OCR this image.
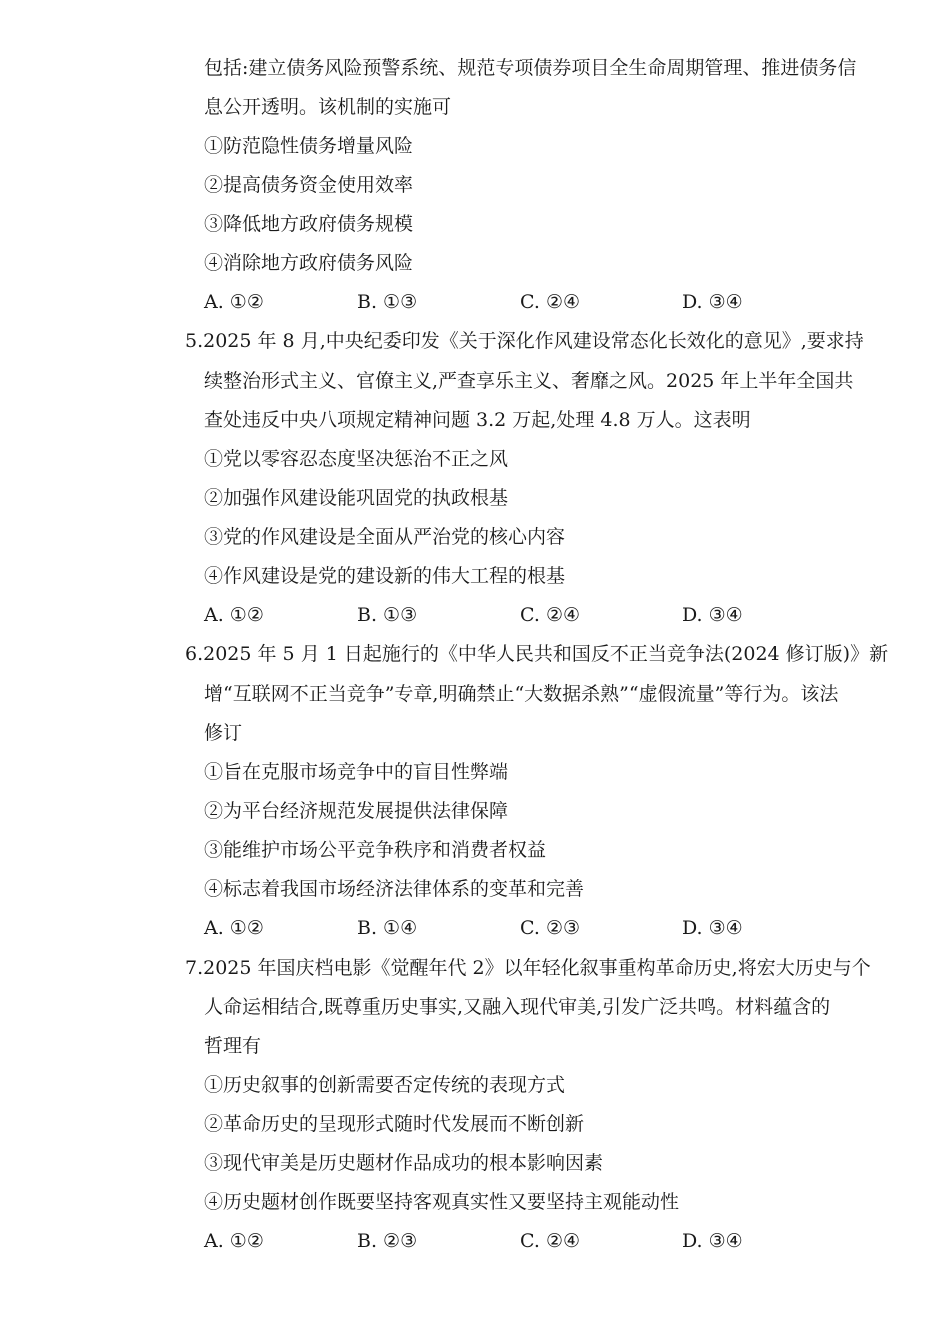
包括:建立债务风险预警系统、规范专项债券项目全生命周期管理、推进债务信
息公开透明。该机制的实施可
①防范隐性债务增量风险
②提高债务资金使用效率
③降低地方政府债务规模
④消除地方政府债务风险
A. ①②	B. ①③	C. ②④	D. ③④
5.2025 年 8 月,中央纪委印发《关于深化作风建设常态化长效化的意见》,要求持
续整治形式主义、官僚主义,严查享乐主义、奢靡之风。2025 年上半年全国共
查处违反中央八项规定精神问题 3.2 万起,处理 4.8 万人。这表明
①党以零容忍态度坚决惩治不正之风
②加强作风建设能巩固党的执政根基
③党的作风建设是全面从严治党的核心内容
④作风建设是党的建设新的伟大工程的根基
A. ①②	B. ①③	C. ②④	D. ③④
6.2025 年 5 月 1 日起施行的《中华人民共和国反不正当竞争法(2024 修订版)》新
增“互联网不正当竞争”专章,明确禁止“大数据杀熟”“虚假流量”等行为。该法
修订
①旨在克服市场竞争中的盲目性弊端
②为平台经济规范发展提供法律保障
③能维护市场公平竞争秩序和消费者权益
④标志着我国市场经济法律体系的变革和完善
A. ①②	B. ①④	C. ②③	D. ③④
7.2025 年国庆档电影《觉醒年代 2》以年轻化叙事重构革命历史,将宏大历史与个
人命运相结合,既尊重历史事实,又融入现代审美,引发广泛共鸣。材料蕴含的
哲理有
①历史叙事的创新需要否定传统的表现方式
②革命历史的呈现形式随时代发展而不断创新
③现代审美是历史题材作品成功的根本影响因素
④历史题材创作既要坚持客观真实性又要坚持主观能动性
A. ①②	B. ②③	C. ②④	D. ③④
